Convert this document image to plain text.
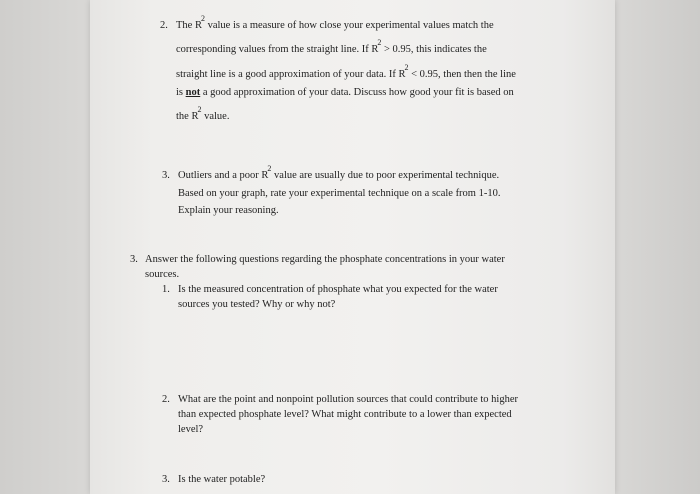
2. The $R^2$ value is a measure of how close your experimental values match the
corresponding values from the straight line. If $R^2 > 0.95$, this indicates the
straight line is a good approximation of your data. If $R^2 < 0.95$, then then the line
is not a good approximation of your data. Discuss how good your fit is based on
the $R^2$ value.
3. Outliers and a poor $R^2$ value are usually due to poor experimental technique.
Based on your graph, rate your experimental technique on a scale from 1-10.
Explain your reasoning.
3. Answer the following questions regarding the phosphate concentrations in your water
sources.
1. Is the measured concentration of phosphate what you expected for the water
sources you tested? Why or why not?
2. What are the point and nonpoint pollution sources that could contribute to higher
than expected phosphate level? What might contribute to a lower than expected
level?
3. Is the water potable?
